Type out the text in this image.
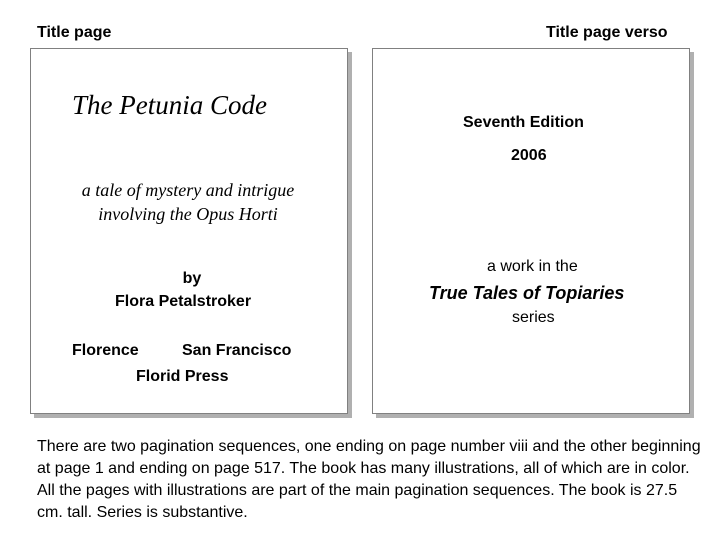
Title page	Title page verso
The Petunia Code
a tale of mystery and intrigue
involving the Opus Horti
by
Flora Petalstroker
Florence	San Francisco
Florid Press
Seventh Edition
2006
a work in the
True Tales of Topiaries
series
There are two pagination sequences, one ending on page number viii and the other beginning at page 1 and ending on page 517. The book has many illustrations, all of which are in color. All the pages with illustrations are part of the main pagination sequences. The book is 27.5 cm. tall. Series is substantive.
